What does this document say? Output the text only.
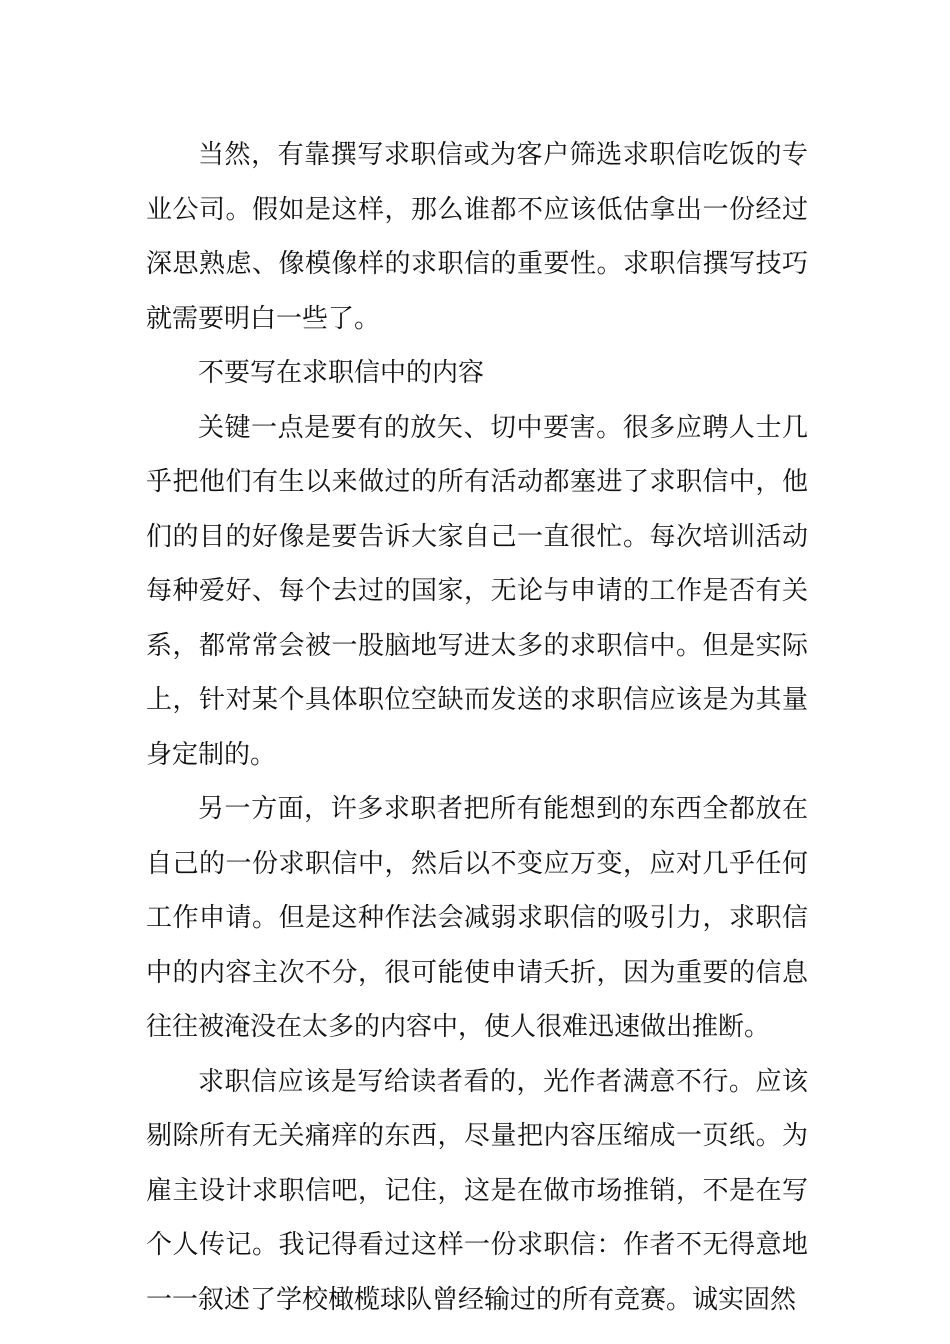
当然，有靠撰写求职信或为客户筛选求职信吃饭的专业公司。假如是这样，那么谁都不应该低估拿出一份经过深思熟虑、像模像样的求职信的重要性。求职信撰写技巧就需要明白一些了。

不要写在求职信中的内容

关键一点是要有的放矢、切中要害。很多应聘人士几乎把他们有生以来做过的所有活动都塞进了求职信中，他们的目的好像是要告诉大家自己一直很忙。每次培训活动每种爱好、每个去过的国家，无论与申请的工作是否有关系，都常常会被一股脑地写进太多的求职信中。但是实际上，针对某个具体职位空缺而发送的求职信应该是为其量身定制的。

另一方面，许多求职者把所有能想到的东西全都放在自己的一份求职信中，然后以不变应万变，应对几乎任何工作申请。但是这种作法会减弱求职信的吸引力，求职信中的内容主次不分，很可能使申请夭折，因为重要的信息往往被淹没在太多的内容中，使人很难迅速做出推断。

求职信应该是写给读者看的，光作者满意不行。应该剔除所有无关痛痒的东西，尽量把内容压缩成一页纸。为雇主设计求职信吧，记住，这是在做市场推销，不是在写个人传记。我记得看过这样一份求职信：作者不无得意地一一叙述了学校橄榄球队曾经输过的所有竞赛。诚实固然
